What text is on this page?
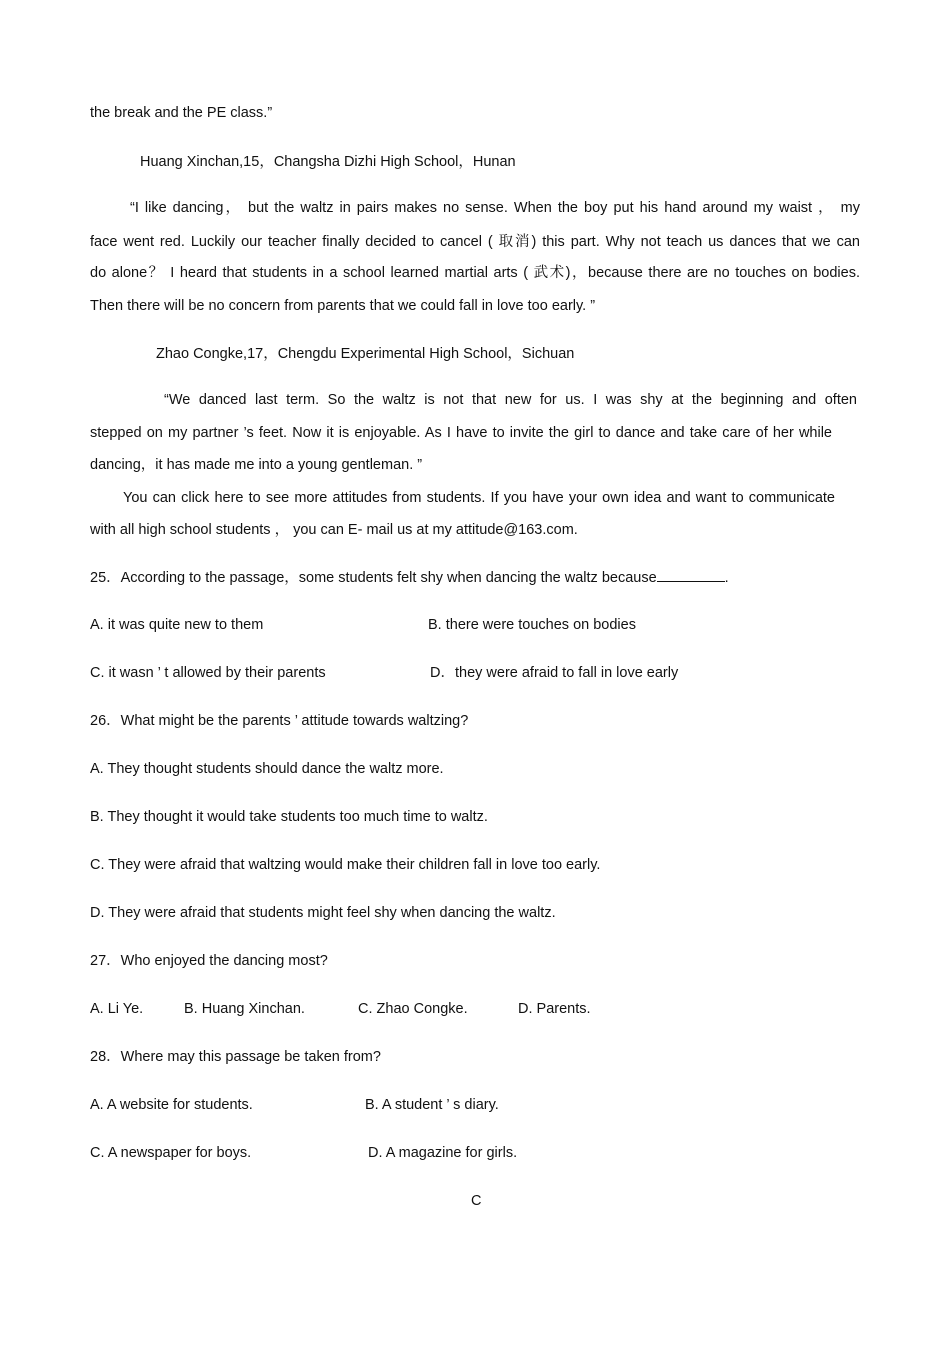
the break and the PE class.”
Huang Xinchan,15，Changsha Dizhi High School，Hunan
“I like dancing， but the waltz in pairs makes no sense. When the boy put his hand around my waist ， my
face went red. Luckily our teacher finally decided to cancel ( 取消) this part. Why not teach us dances that we can
do alone？ I heard that students in a school learned martial arts ( 武术)，because there are no touches on bodies.
Then there will be no concern from parents that we could fall in love too early. ”
Zhao Congke,17，Chengdu Experimental High School，Sichuan
“We danced last term. So the waltz is not that new for us. I was shy at the beginning and often
stepped on my partner ’s feet. Now it is enjoyable. As I have to invite the girl to dance and take care of her while
dancing，it has made me into a young gentleman. ”
You can click here to see more attitudes from students. If you have your own idea and want to communicate
with all high school students ， you can E- mail us at my attitude@163.com.
25．According to the passage，some students felt shy when dancing the waltz because	.
A. it was quite new to them	B. there were touches on bodies
C. it wasn ’ t allowed by their parents	D．they were afraid to fall in love early
26．What might be the parents ’ attitude towards waltzing?
A. They thought students should dance the waltz more.
B. They thought it would take students too much time to waltz.
C. They were afraid that waltzing would make their children fall in love too early.
D. They were afraid that students might feel shy when dancing the waltz.
27．Who enjoyed the dancing most?
A. Li Ye.	B. Huang Xinchan.	C. Zhao Congke.	D. Parents.
28．Where may this passage be taken from?
A. A website for students.	B. A student ’ s diary.
C. A newspaper for boys.	D. A magazine for girls.
C
